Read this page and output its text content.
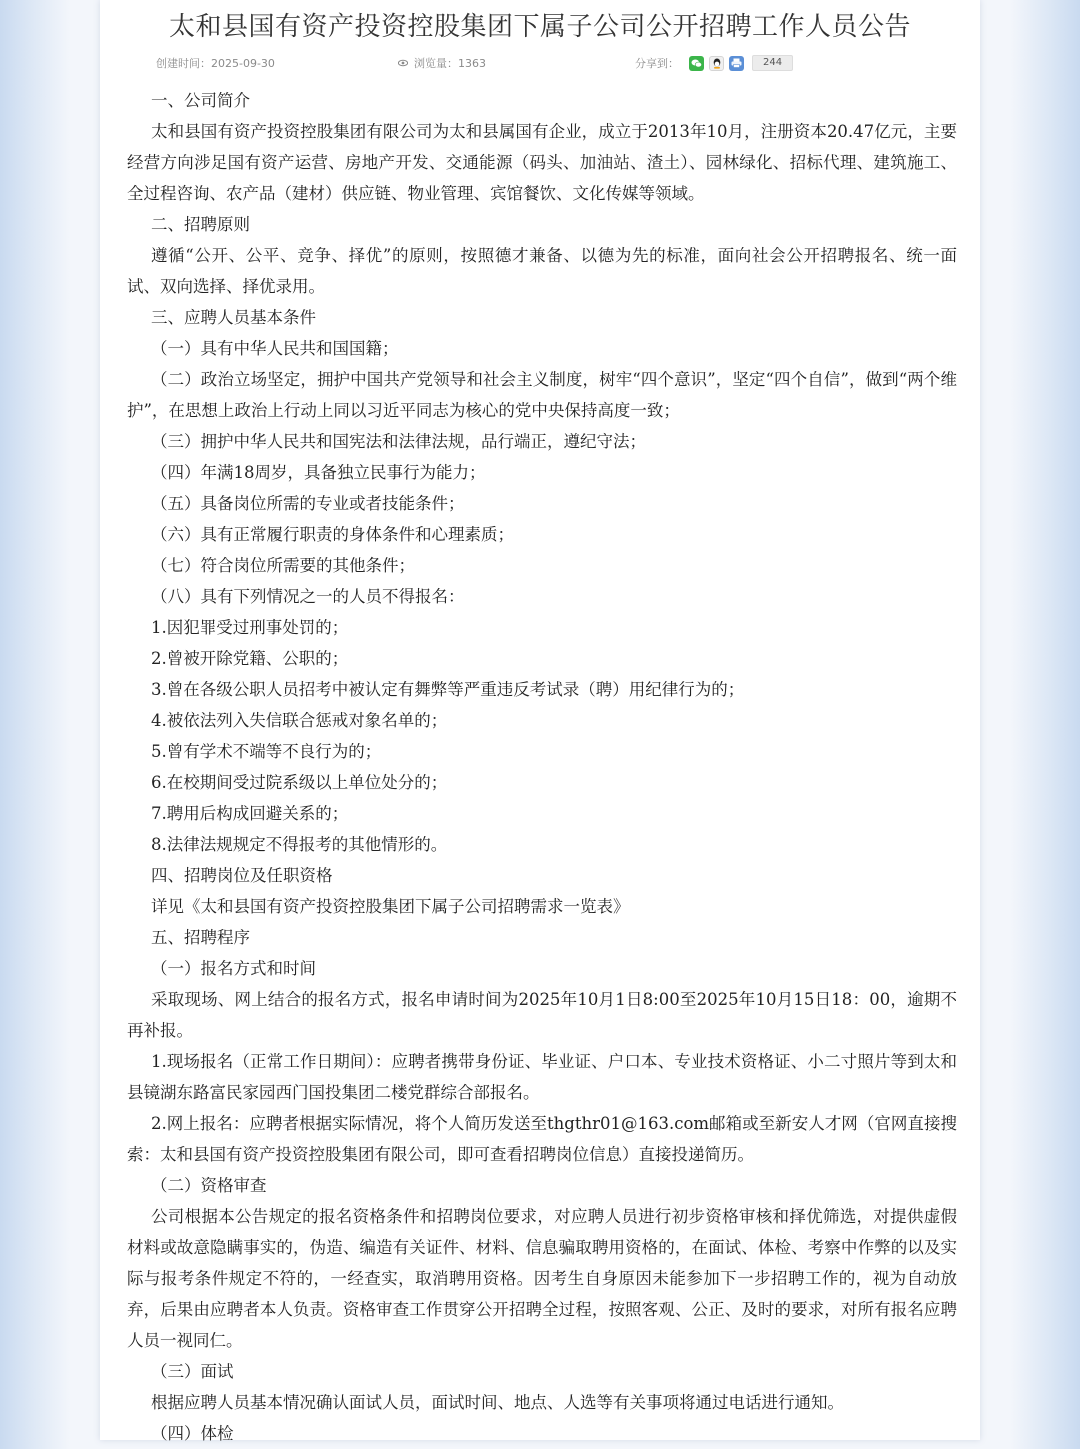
太和县国有资产投资控股集团下属子公司公开招聘工作人员公告
创建时间： 2025-09-30	浏览量： 1363	分享到：	244

一、公司简介

太和县国有资产投资控股集团有限公司为太和县属国有企业，成立于2013年10月，注册资本20.47亿元，主要经营方向涉足国有资产运营、房地产开发、交通能源（码头、加油站、渣土）、园林绿化、招标代理、建筑施工、全过程咨询、农产品（建材）供应链、物业管理、宾馆餐饮、文化传媒等领域。

二、招聘原则

遵循“公开、公平、竞争、择优”的原则，按照德才兼备、以德为先的标准，面向社会公开招聘报名、统一面试、双向选择、择优录用。

三、应聘人员基本条件

（一）具有中华人民共和国国籍；

（二）政治立场坚定，拥护中国共产党领导和社会主义制度，树牢“四个意识”，坚定“四个自信”，做到“两个维护”，在思想上政治上行动上同以习近平同志为核心的党中央保持高度一致；

（三）拥护中华人民共和国宪法和法律法规，品行端正，遵纪守法；

（四）年满18周岁，具备独立民事行为能力；

（五）具备岗位所需的专业或者技能条件；

（六）具有正常履行职责的身体条件和心理素质；

（七）符合岗位所需要的其他条件；

（八）具有下列情况之一的人员不得报名：

1.因犯罪受过刑事处罚的；

2.曾被开除党籍、公职的；

3.曾在各级公职人员招考中被认定有舞弊等严重违反考试录（聘）用纪律行为的；

4.被依法列入失信联合惩戒对象名单的；

5.曾有学术不端等不良行为的；

6.在校期间受过院系级以上单位处分的；

7.聘用后构成回避关系的；

8.法律法规规定不得报考的其他情形的。

四、招聘岗位及任职资格

详见《太和县国有资产投资控股集团下属子公司招聘需求一览表》

五、招聘程序

（一）报名方式和时间

采取现场、网上结合的报名方式，报名申请时间为2025年10月1日8:00至2025年10月15日18：00，逾期不再补报。

1.现场报名（正常工作日期间）：应聘者携带身份证、毕业证、户口本、专业技术资格证、小二寸照片等到太和县镜湖东路富民家园西门国投集团二楼党群综合部报名。

2.网上报名：应聘者根据实际情况，将个人简历发送至thgthr01@163.com邮箱或至新安人才网（官网直接搜索：太和县国有资产投资控股集团有限公司，即可查看招聘岗位信息）直接投递简历。

（二）资格审查

公司根据本公告规定的报名资格条件和招聘岗位要求，对应聘人员进行初步资格审核和择优筛选，对提供虚假材料或故意隐瞒事实的，伪造、编造有关证件、材料、信息骗取聘用资格的，在面试、体检、考察中作弊的以及实际与报考条件规定不符的，一经查实，取消聘用资格。因考生自身原因未能参加下一步招聘工作的，视为自动放弃，后果由应聘者本人负责。资格审查工作贯穿公开招聘全过程，按照客观、公正、及时的要求，对所有报名应聘人员一视同仁。

（三）面试

根据应聘人员基本情况确认面试人员，面试时间、地点、人选等有关事项将通过电话进行通知。

（四）体检
